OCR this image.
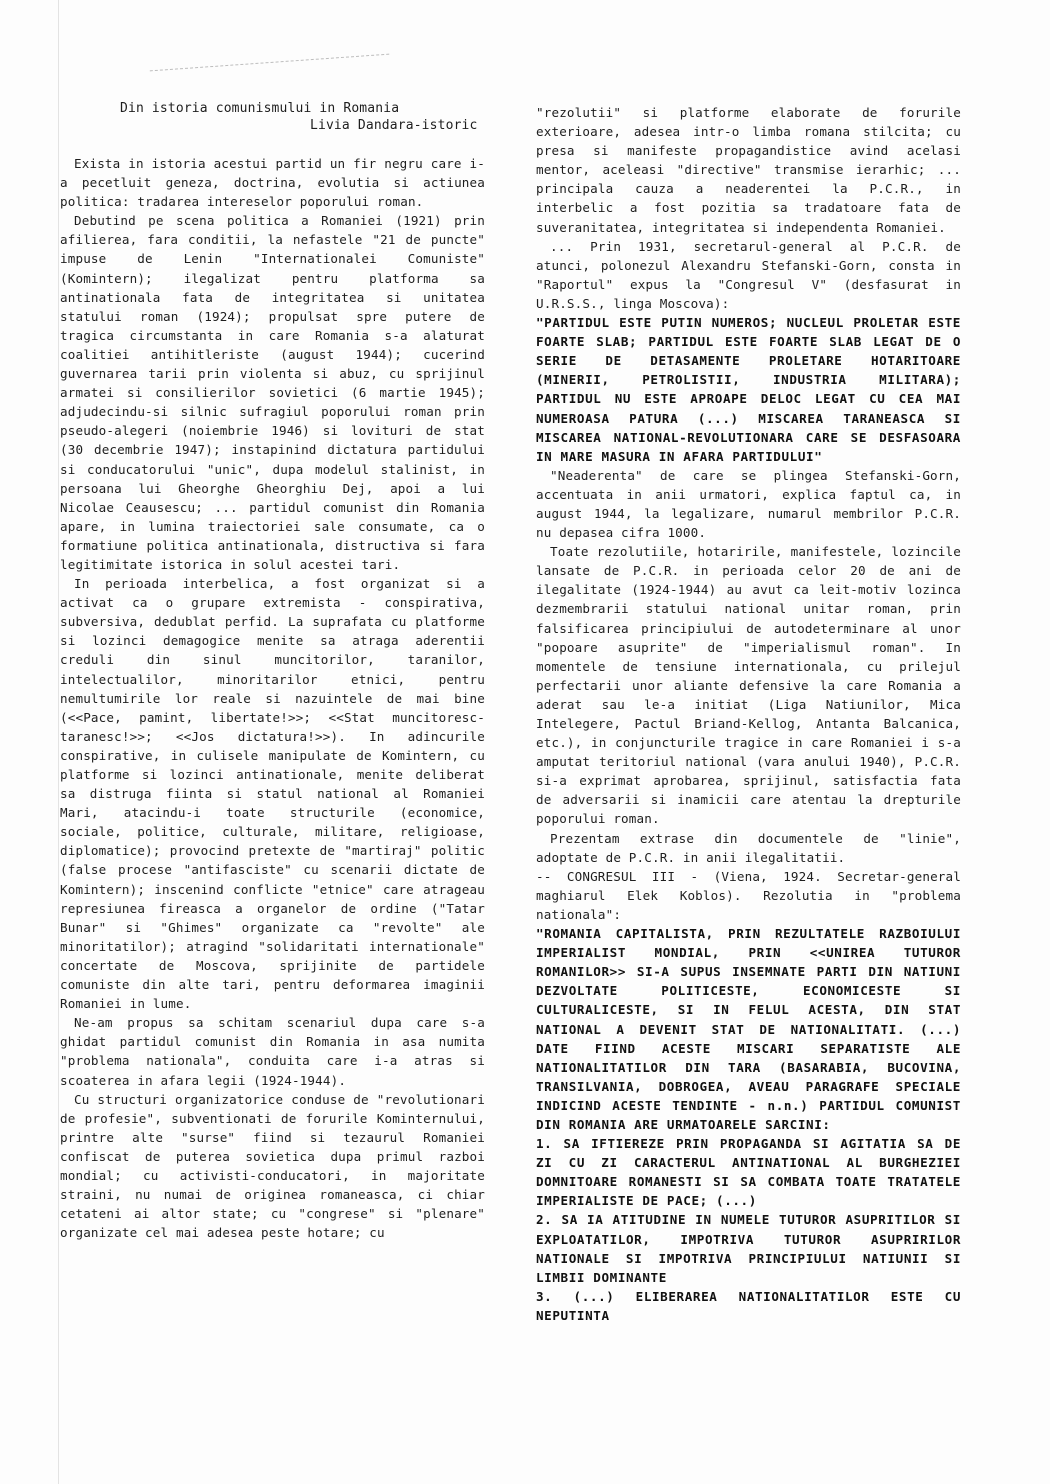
Din istoria comunismului in Romania
Livia Dandara-istoric

Exista in istoria acestui partid un fir negru care i-a pecetluit geneza, doctrina, evolutia si actiunea politica: tradarea intereselor poporului roman.

Debutind pe scena politica a Romaniei (1921) prin afilierea, fara conditii, la nefastele "21 de puncte" impuse de Lenin "Internationalei Comuniste" (Komintern); ilegalizat pentru platforma sa antinationala fata de integritatea si unitatea statului roman (1924); propulsat spre putere de tragica circumstanta in care Romania s-a alaturat coalitiei antihitleriste (august 1944); cucerind guvernarea tarii prin violenta si abuz, cu sprijinul armatei si consilierilor sovietici (6 martie 1945); adjudecindu-si silnic sufragiul poporului roman prin pseudo-alegeri (noiembrie 1946) si lovituri de stat (30 decembrie 1947); instapinind dictatura partidului si conducatorului "unic", dupa modelul stalinist, in persoana lui Gheorghe Gheorghiu Dej, apoi a lui Nicolae Ceausescu; ... partidul comunist din Romania apare, in lumina traiectoriei sale consumate, ca o formatiune politica antinationala, distructiva si fara legitimitate istorica in solul acestei tari.

In perioada interbelica, a fost organizat si a activat ca o grupare extremista - conspirativa, subversiva, dedublat perfid. La suprafata cu platforme si lozinci demagogice menite sa atraga aderentii creduli din sinul muncitorilor, taranilor, intelectualilor, minoritarilor etnici, pentru nemultumirile lor reale si nazuintele de mai bine (<<Pace, pamint, libertate!>>; <<Stat muncitoresc-taranesc!>>; <<Jos dictatura!>>). In adincurile conspirative, in culisele manipulate de Komintern, cu platforme si lozinci antinationale, menite deliberat sa distruga fiinta si statul national al Romaniei Mari, atacindu-i toate structurile (economice, sociale, politice, culturale, militare, religioase, diplomatice); provocind pretexte de "martiraj" politic (false procese "antifasciste" cu scenarii dictate de Komintern); inscenind conflicte "etnice" care atrageau represiunea fireasca a organelor de ordine ("Tatar Bunar" si "Ghimes" organizate ca "revolte" ale minoritatilor); atragind "solidaritati internationale" concertate de Moscova, sprijinite de partidele comuniste din alte tari, pentru deformarea imaginii Romaniei in lume.

Ne-am propus sa schitam scenariul dupa care s-a ghidat partidul comunist din Romania in asa numita "problema nationala", conduita care i-a atras si scoaterea in afara legii (1924-1944).

Cu structuri organizatorice conduse de "revolutionari de profesie", subventionati de forurile Kominternului, printre alte "surse" fiind si tezaurul Romaniei confiscat de puterea sovietica dupa primul razboi mondial; cu activisti-conducatori, in majoritate straini, nu numai de originea romaneasca, ci chiar cetateni ai altor state; cu "congrese" si "plenare" organizate cel mai adesea peste hotare; cu

"rezolutii" si platforme elaborate de forurile exterioare, adesea intr-o limba romana stilcita; cu presa si manifeste propagandistice avind acelasi mentor, aceleasi "directive" transmise ierarhic; ... principala cauza a neaderentei la P.C.R., in interbelic a fost pozitia sa tradatoare fata de suveranitatea, integritatea si independenta Romaniei.

... Prin 1931, secretarul-general al P.C.R. de atunci, polonezul Alexandru Stefanski-Gorn, consta in "Raportul" expus la "Congresul V" (desfasurat in U.R.S.S., linga Moscova):

"PARTIDUL ESTE PUTIN NUMEROS; NUCLEUL PROLETAR ESTE FOARTE SLAB; PARTIDUL ESTE FOARTE SLAB LEGAT DE O SERIE DE DETASAMENTE PROLETARE HOTARITOARE (MINERII, PETROLISTII, INDUSTRIA MILITARA); PARTIDUL NU ESTE APROAPE DELOC LEGAT CU CEA MAI NUMEROASA PATURA (...) MISCAREA TARANEASCA SI MISCAREA NATIONAL-REVOLUTIONARA CARE SE DESFASOARA IN MARE MASURA IN AFARA PARTIDULUI"

"Neaderenta" de care se plingea Stefanski-Gorn, accentuata in anii urmatori, explica faptul ca, in august 1944, la legalizare, numarul membrilor P.C.R. nu depasea cifra 1000.

Toate rezolutiile, hotaririle, manifestele, lozincile lansate de P.C.R. in perioada celor 20 de ani de ilegalitate (1924-1944) au avut ca leit-motiv lozinca dezmembrarii statului national unitar roman, prin falsificarea principiului de autodeterminare al unor "popoare asuprite" de "imperialismul roman". In momentele de tensiune internationala, cu prilejul perfectarii unor aliante defensive la care Romania a aderat sau le-a initiat (Liga Natiunilor, Mica Intelegere, Pactul Briand-Kellog, Antanta Balcanica, etc.), in conjuncturile tragice in care Romaniei i s-a amputat teritoriul national (vara anului 1940), P.C.R. si-a exprimat aprobarea, sprijinul, satisfactia fata de adversarii si inamicii care atentau la drepturile poporului roman.

Prezentam extrase din documentele de "linie", adoptate de P.C.R. in anii ilegalitatii.

-- CONGRESUL III - (Viena, 1924. Secretar-general maghiarul Elek Koblos). Rezolutia in "problema nationala":

"ROMANIA CAPITALISTA, PRIN REZULTATELE RAZBOIULUI IMPERIALIST MONDIAL, PRIN <<UNIREA TUTUROR ROMANILOR>> SI-A SUPUS INSEMNATE PARTI DIN NATIUNI DEZVOLTATE POLITICESTE, ECONOMICESTE SI CULTURALICESTE, SI IN FELUL ACESTA, DIN STAT NATIONAL A DEVENIT STAT DE NATIONALITATI. (...) DATE FIIND ACESTE MISCARI SEPARATISTE ALE NATIONALITATILOR DIN TARA (BASARABIA, BUCOVINA, TRANSILVANIA, DOBROGEA, AVEAU PARAGRAFE SPECIALE INDICIND ACESTE TENDINTE - n.n.) PARTIDUL COMUNIST DIN ROMANIA ARE URMATOARELE SARCINI:

1. SA IFTIEREZE PRIN PROPAGANDA SI AGITATIA SA DE ZI CU ZI CARACTERUL ANTINATIONAL AL BURGHEZIEI DOMNITOARE ROMANESTI SI SA COMBATA TOATE TRATATELE IMPERIALISTE DE PACE; (...)

2. SA IA ATITUDINE IN NUMELE TUTUROR ASUPRITILOR SI EXPLOATATILOR, IMPOTRIVA TUTUROR ASUPRIRILOR NATIONALE SI IMPOTRIVA PRINCIPIULUI NATIUNII SI LIMBII DOMINANTE

3. (...) ELIBERAREA NATIONALITATILOR ESTE CU NEPUTINTA
